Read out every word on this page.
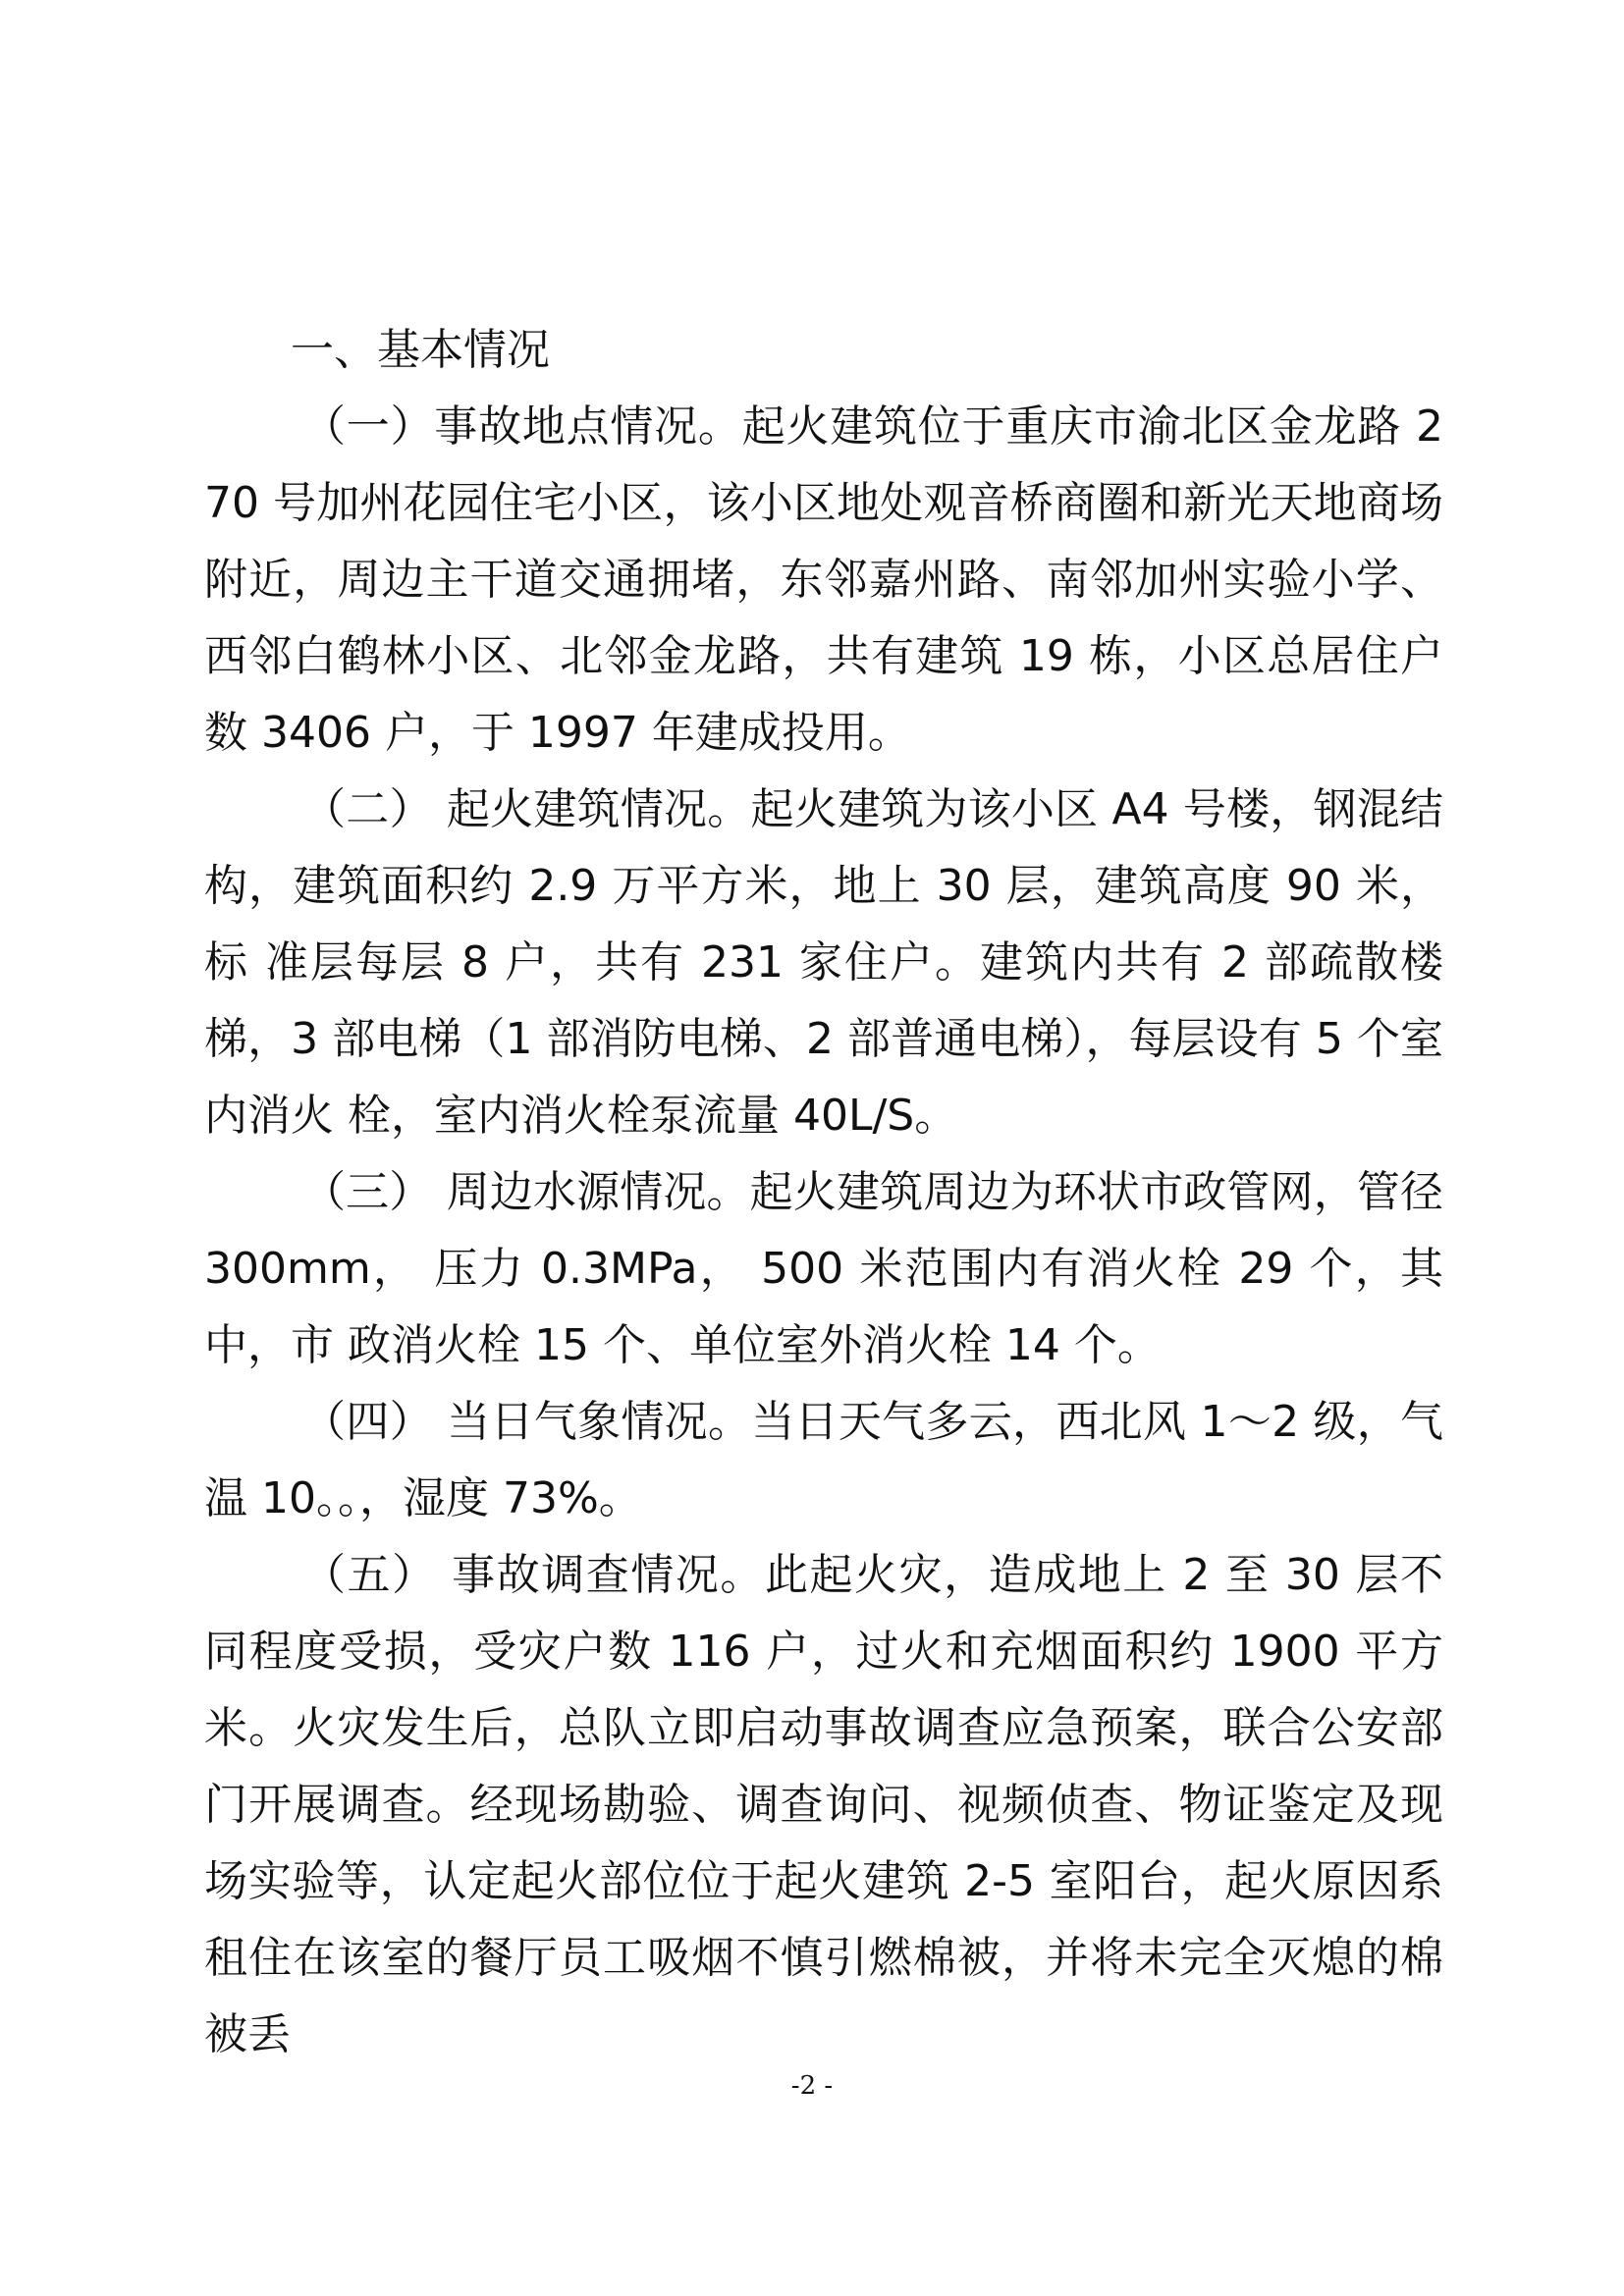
一、基本情况

（一）事故地点情况。起火建筑位于重庆市渝北区金龙路 270 号加州花园住宅小区，该小区地处观音桥商圈和新光天地商场附近，周边主干道交通拥堵，东邻嘉州路、南邻加州实验小学、 西邻白鹤林小区、北邻金龙路，共有建筑 19 栋，小区总居住户 数 3406 户，于 1997 年建成投用。

（二） 起火建筑情况。起火建筑为该小区 A4 号楼，钢混结构，建筑面积约 2.9 万平方米，地上 30 层，建筑高度 90 米，标 准层每层 8 户，共有 231 家住户。建筑内共有 2 部疏散楼梯，3 部电梯（1 部消防电梯、2 部普通电梯），每层设有 5 个室内消火 栓，室内消火栓泵流量 40L/S。

（三） 周边水源情况。起火建筑周边为环状市政管网，管径 300mm， 压力 0.3MPa， 500 米范围内有消火栓 29 个，其中，市 政消火栓 15 个、单位室外消火栓 14 个。

（四） 当日气象情况。当日天气多云，西北风 1〜2 级，气温 10。。，湿度 73%。

（五） 事故调查情况。此起火灾，造成地上 2 至 30 层不同程度受损，受灾户数 116 户，过火和充烟面积约 1900 平方米。火灾发生后，总队立即启动事故调查应急预案，联合公安部门开展调查。经现场勘验、调查询问、视频侦查、物证鉴定及现场实验等，认定起火部位位于起火建筑 2-5 室阳台，起火原因系租住在该室的餐厅员工吸烟不慎引燃棉被，并将未完全灭熄的棉被丢

-2 -
